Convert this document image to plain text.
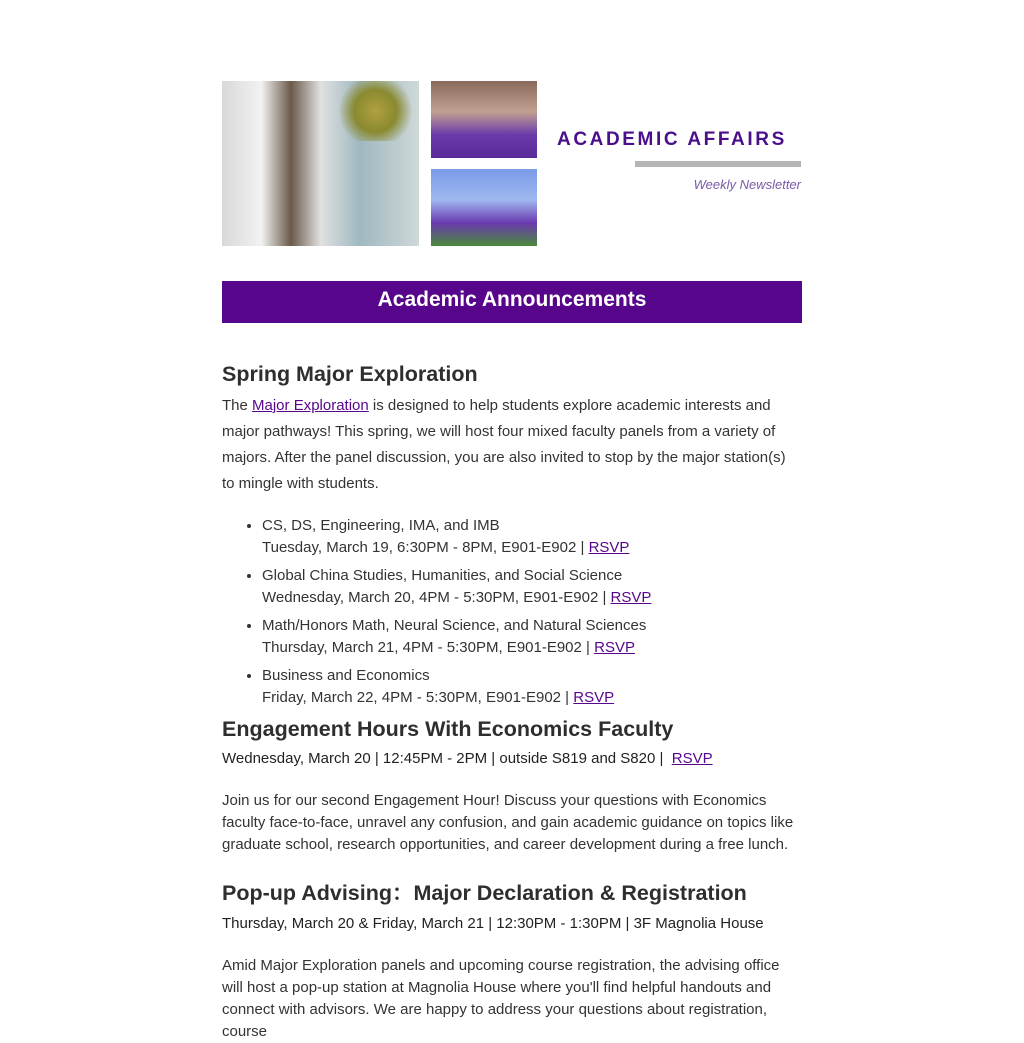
ACADEMIC AFFAIRS
Weekly Newsletter
Academic Announcements
Spring Major Exploration

The Major Exploration is designed to help students explore academic interests and major pathways! This spring, we will host four mixed faculty panels from a variety of majors. After the panel discussion, you are also invited to stop by the major station(s) to mingle with students.

• CS, DS, Engineering, IMA, and IMB
Tuesday, March 19, 6:30PM - 8PM, E901-E902 | RSVP
• Global China Studies, Humanities, and Social Science
Wednesday, March 20, 4PM - 5:30PM, E901-E902 | RSVP
• Math/Honors Math, Neural Science, and Natural Sciences
Thursday, March 21, 4PM - 5:30PM, E901-E902 | RSVP
• Business and Economics
Friday, March 22, 4PM - 5:30PM, E901-E902 | RSVP
Engagement Hours With Economics Faculty

Wednesday, March 20 | 12:45PM - 2PM | outside S819 and S820 |  RSVP

Join us for our second Engagement Hour! Discuss your questions with Economics faculty face-to-face, unravel any confusion, and gain academic guidance on topics like graduate school, research opportunities, and career development during a free lunch.

Pop-up Advising：Major Declaration & Registration

Thursday, March 20 & Friday, March 21 | 12:30PM - 1:30PM | 3F Magnolia House

Amid Major Exploration panels and upcoming course registration, the advising office will host a pop-up station at Magnolia House where you'll find helpful handouts and connect with advisors. We are happy to address your questions about registration, course
